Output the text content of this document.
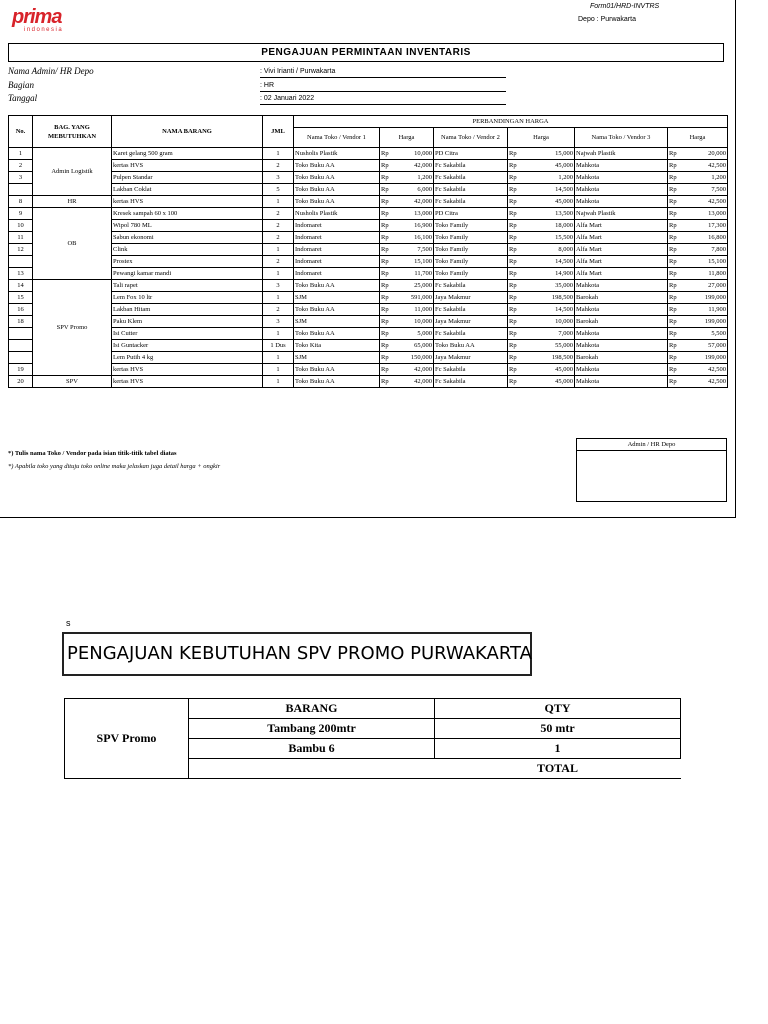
prima
indonesia
Form01/HRD-INVTRS
Depo : Purwakarta
PENGAJUAN PERMINTAAN INVENTARIS
Nama Admin/ HR Depo	: Vivi Irianti / Purwakarta
Bagian	: HR
Tanggal	: 02 Januari 2022
No.	BAG. YANG MEBUTUHKAN	NAMA BARANG	JML	PERBANDINGAN HARGA								
				Nama Toko / Vendor 1	Harga		Nama Toko / Vendor 2	Harga		Nama Toko / Vendor 3	Harga	
1	Admin Logistik	Karet gelang 500 gram	1	Nusholis Plastik	Rp	10,000	PD Citra	Rp	15,000	Najwah Plastik	Rp	20,000
2		kertas HVS	2	Toko Buku AA	Rp	42,000	Fc Sakabila	Rp	45,000	Mahkota	Rp	42,500
3		Pulpen Standar	3	Toko Buku AA	Rp	1,200	Fc Sakabila	Rp	1,200	Mahkota	Rp	1,200
		Lakban Coklat	5	Toko Buku AA	Rp	6,000	Fc Sakabila	Rp	14,500	Mahkota	Rp	7,500
8	HR	kertas HVS	1	Toko Buku AA	Rp	42,000	Fc Sakabila	Rp	45,000	Mahkota	Rp	42,500
9	OB	Kresek sampah 60 x 100	2	Nusholis Plastik	Rp	13,000	PD Citra	Rp	13,500	Najwah Plastik	Rp	13,000
10		Wipol 780 ML	2	Indomaret	Rp	16,900	Toko Family	Rp	18,000	Alfa Mart	Rp	17,300
11		Sabun ekonomi	2	Indomaret	Rp	16,100	Toko Family	Rp	15,500	Alfa Mart	Rp	16,800
12		Clink	1	Indomaret	Rp	7,500	Toko Family	Rp	8,000	Alfa Mart	Rp	7,800
		Prostex	2	Indomaret	Rp	15,100	Toko Family	Rp	14,500	Alfa Mart	Rp	15,100
13		Pewangi kamar mandi	1	Indomaret	Rp	11,700	Toko Family	Rp	14,900	Alfa Mart	Rp	11,800
14	SPV Promo	Tali rapet	3	Toko Buku AA	Rp	25,000	Fc Sakabila	Rp	35,000	Mahkota	Rp	27,000
15		Lem Fox 10 ltr	1	SJM	Rp	591,000	Jaya Makmur	Rp	198,500	Barokah	Rp	199,000
16		Lakban Hitam	2	Toko Buku AA	Rp	11,000	Fc Sakabila	Rp	14,500	Mahkota	Rp	11,900
18		Paku Klem	3	SJM	Rp	10,000	Jaya Makmur	Rp	10,000	Barokah	Rp	199,000
		Isi Cutter	1	Toko Buku AA	Rp	5,000	Fc Sakabila	Rp	7,000	Mahkota	Rp	5,500
		Isi Guntacker	1 Dus	Toko Kita	Rp	65,000	Toko Buku AA	Rp	55,000	Mahkota	Rp	57,000
		Lem Putih 4 kg	1	SJM	Rp	150,000	Jaya Makmur	Rp	198,500	Barokah	Rp	199,000
19		kertas HVS	1	Toko Buku AA	Rp	42,000	Fc Sakabila	Rp	45,000	Mahkota	Rp	42,500
20	SPV	kertas HVS	1	Toko Buku AA	Rp	42,000	Fc Sakabila	Rp	45,000	Mahkota	Rp	42,500
*) Tulis nama Toko / Vendor pada isian titik-titik tabel diatas
*) Apabila toko yang dituju toko online maka jelaskan juga detail harga + ongkir
Admin / HR Depo
s
PENGAJUAN KEBUTUHAN SPV PROMO PURWAKARTA
SPV Promo	BARANG	QTY
	Tambang 200mtr	50 mtr
	Bambu 6	1
		TOTAL
